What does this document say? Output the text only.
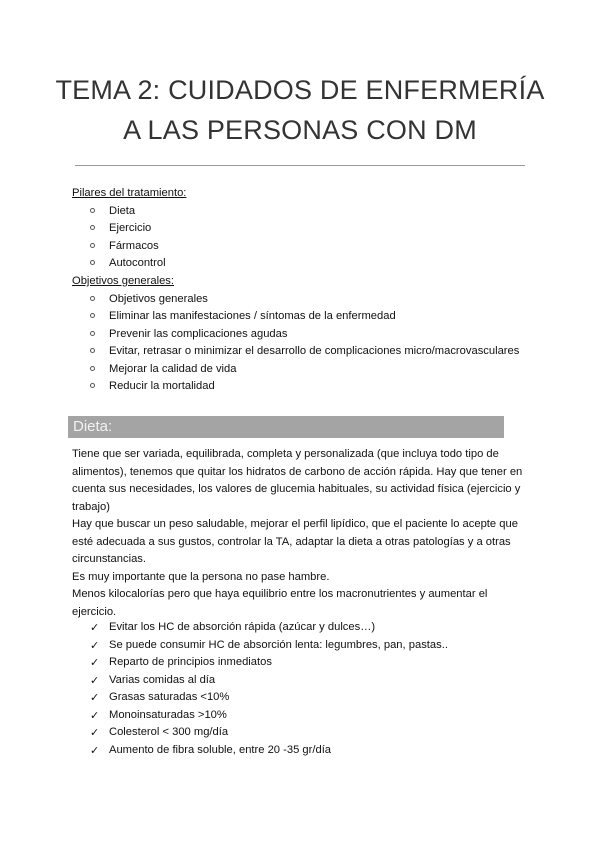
TEMA 2: CUIDADOS DE ENFERMERÍA
A LAS PERSONAS CON DM
Pilares del tratamiento:
Dieta
Ejercicio
Fármacos
Autocontrol
Objetivos generales:
Objetivos generales
Eliminar las manifestaciones / síntomas de la enfermedad
Prevenir las complicaciones agudas
Evitar, retrasar o minimizar el desarrollo de complicaciones micro/macrovasculares
Mejorar la calidad de vida
Reducir la mortalidad
Dieta:

Tiene que ser variada, equilibrada, completa y personalizada (que incluya todo tipo de

alimentos), tenemos que quitar los hidratos de carbono de acción rápida. Hay que tener en

cuenta sus necesidades, los valores de glucemia habituales, su actividad física (ejercicio y

trabajo)

Hay que buscar un peso saludable, mejorar el perfil lipídico, que el paciente lo acepte que

esté adecuada a sus gustos, controlar la TA, adaptar la dieta a otras patologías y a otras

circunstancias.

Es muy importante que la persona no pase hambre.

Menos kilocalorías pero que haya equilibrio entre los macronutrientes y aumentar el

ejercicio.

✓ Evitar los HC de absorción rápida (azúcar y dulces…)
✓ Se puede consumir HC de absorción lenta: legumbres, pan, pastas..
✓ Reparto de principios inmediatos
✓ Varias comidas al día
✓ Grasas saturadas <10%
✓ Monoinsaturadas >10%
✓ Colesterol < 300 mg/día
✓ Aumento de fibra soluble, entre 20 -35 gr/día
